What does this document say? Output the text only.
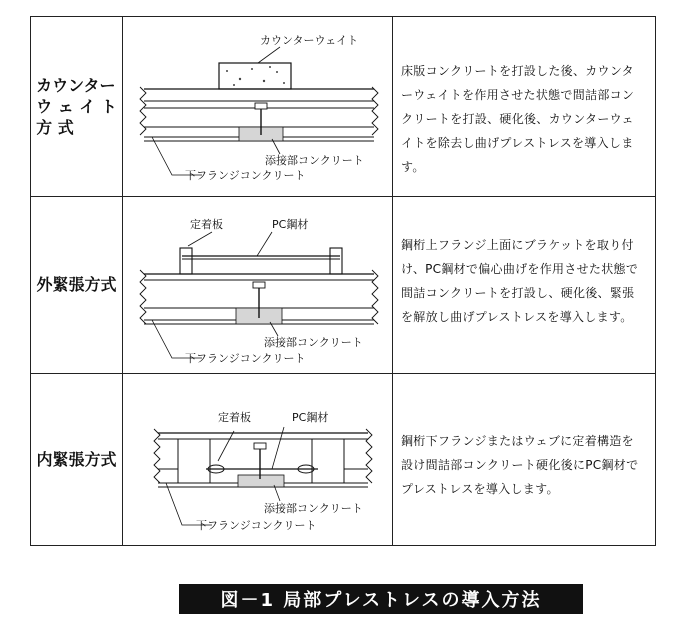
カウンター
ウ ェ イ ト
方 式
カウンターウェイト
添接部コンクリート
下フランジコンクリート
床版コンクリートを打設した後、カウンターウェイトを作用させた状態で間詰部コンクリートを打設、硬化後、カウンターウェイトを除去し曲げプレストレスを導入します。
外緊張方式
定着板	PC鋼材
添接部コンクリート
下フランジコンクリート
鋼桁上フランジ上面にブラケットを取り付け、PC鋼材で偏心曲げを作用させた状態で間詰コンクリートを打設し、硬化後、緊張を解放し曲げプレストレスを導入します。
内緊張方式
定着板	PC鋼材
添接部コンクリート
下フランジコンクリート
鋼桁下フランジまたはウェブに定着構造を設け間詰部コンクリート硬化後にPC鋼材でプレストレスを導入します。
図－1 局部プレストレスの導入方法
